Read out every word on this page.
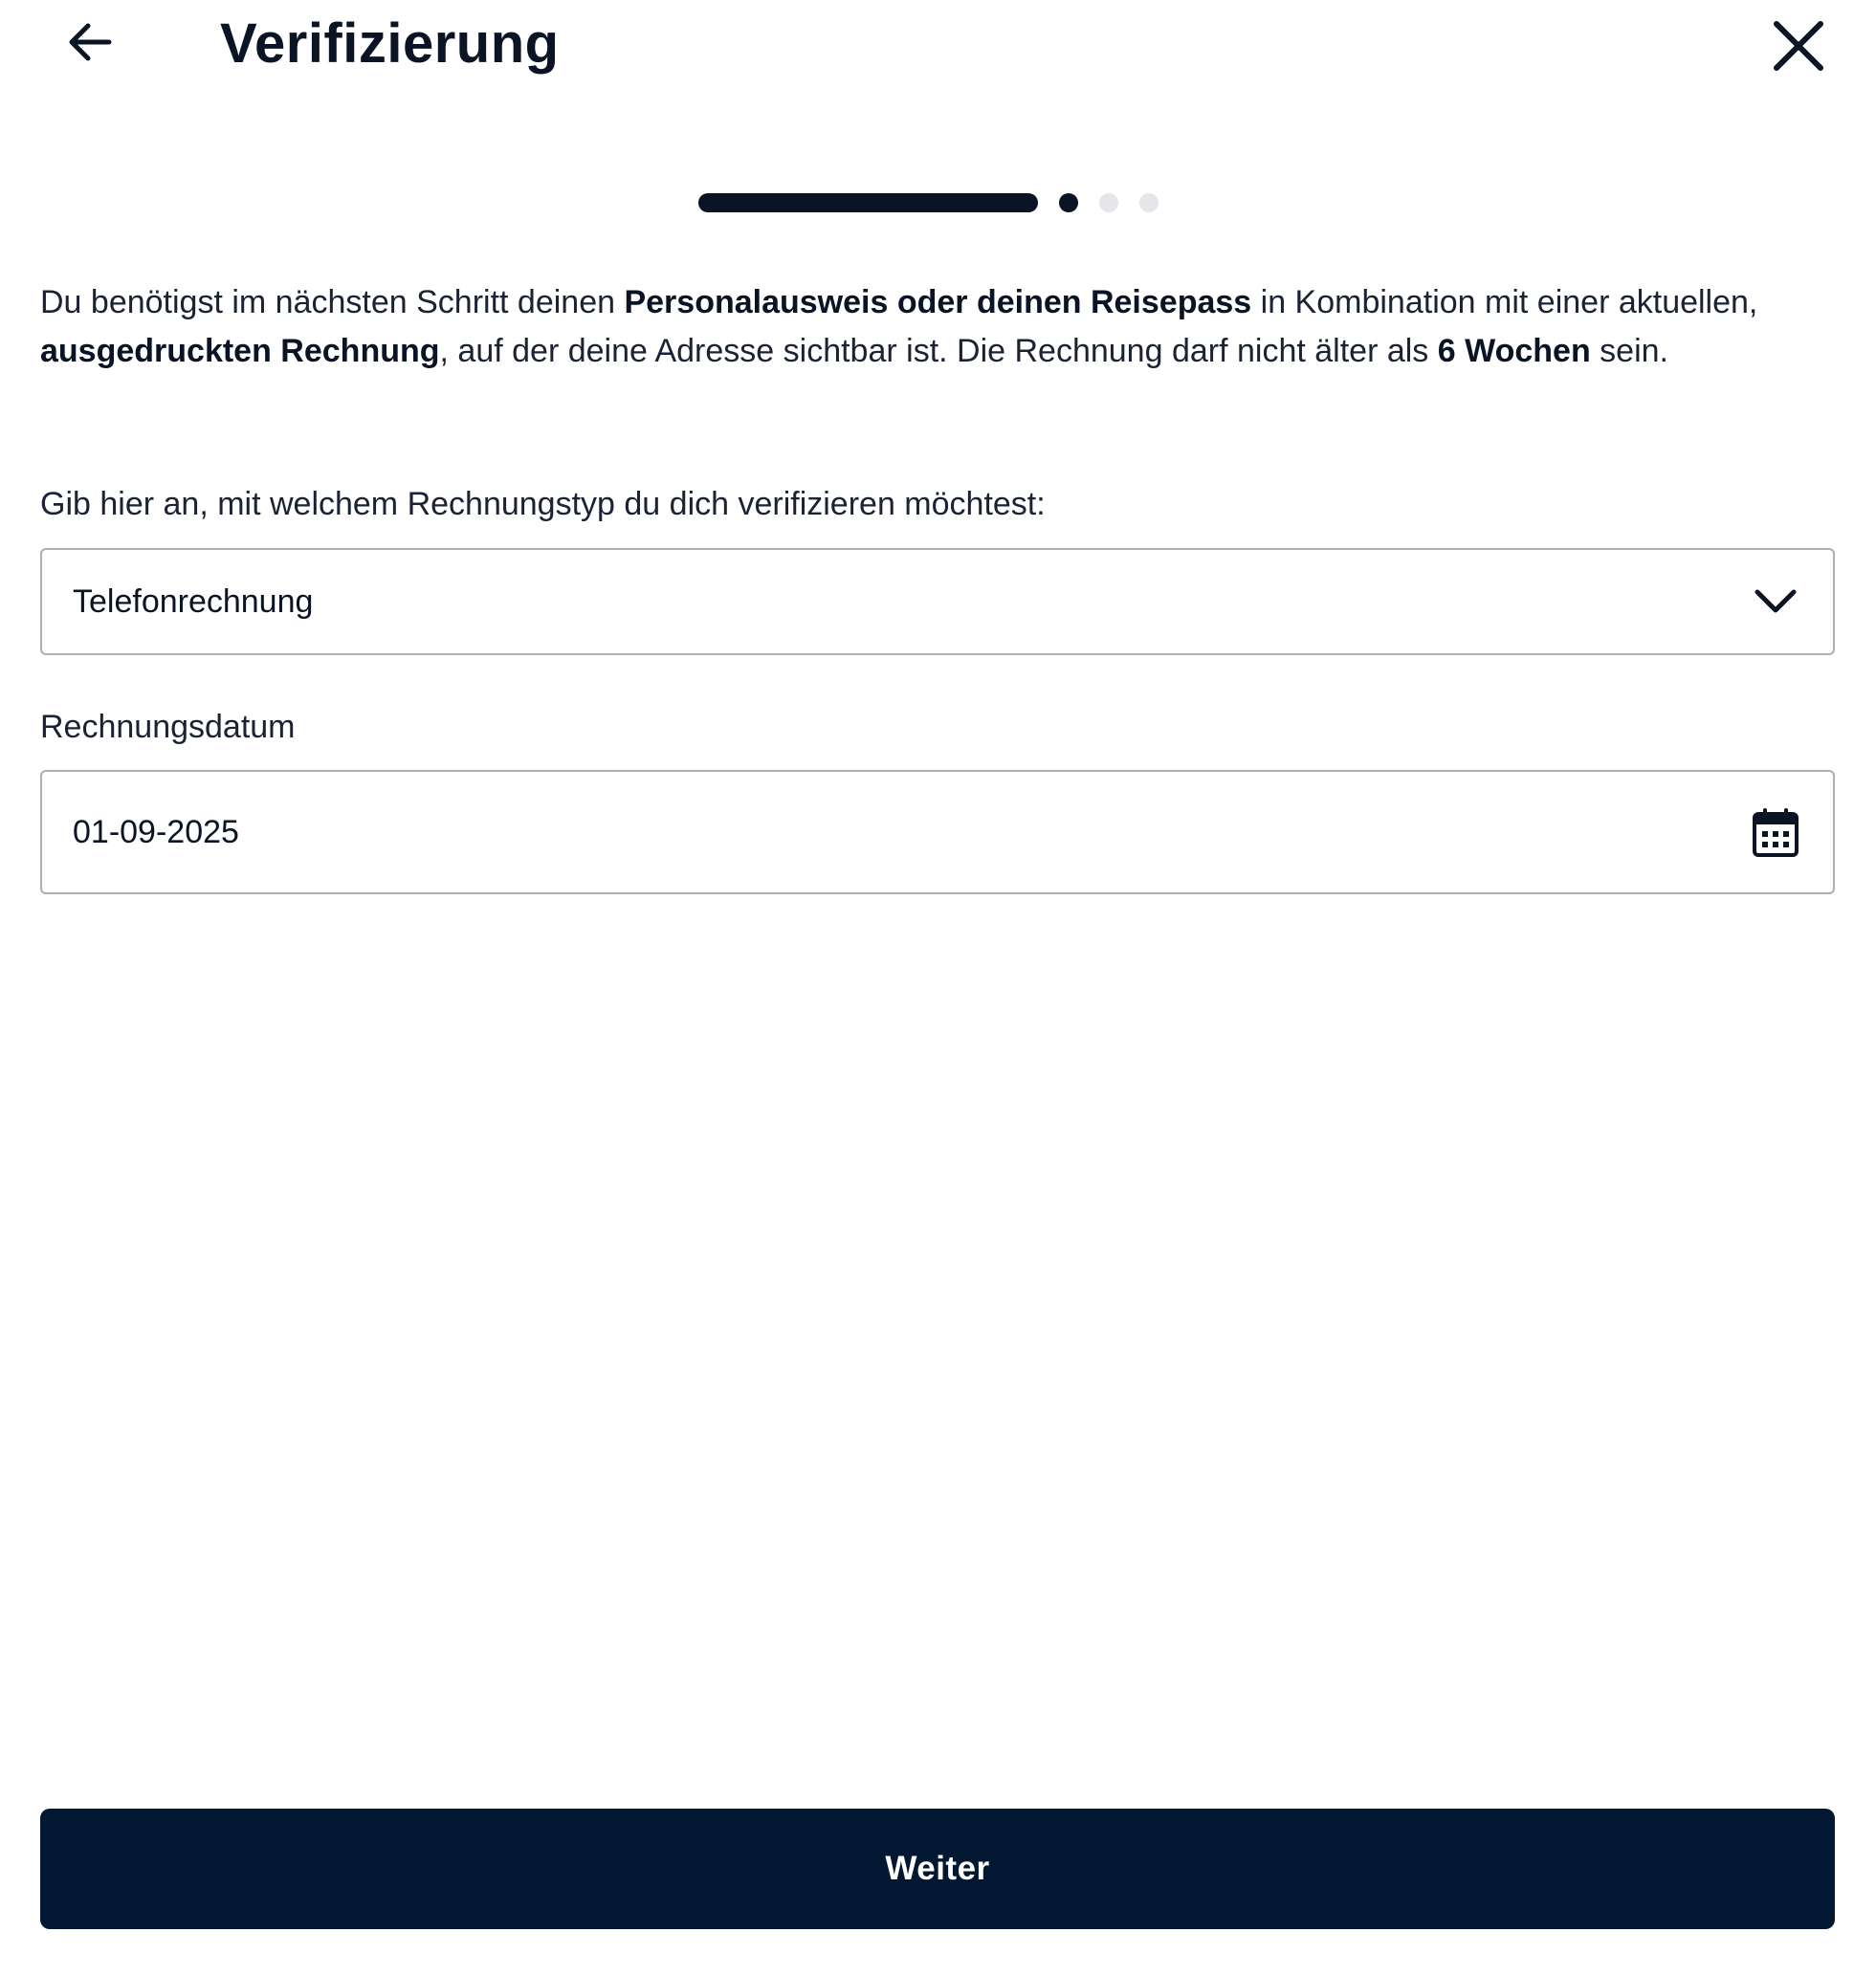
Verifizierung
Du benötigst im nächsten Schritt deinen Personalausweis oder deinen Reisepass in Kombination mit einer aktuellen, ausgedruckten Rechnung, auf der deine Adresse sichtbar ist. Die Rechnung darf nicht älter als 6 Wochen sein.
Gib hier an, mit welchem Rechnungstyp du dich verifizieren möchtest:
Telefonrechnung
Rechnungsdatum
01-09-2025
Weiter
